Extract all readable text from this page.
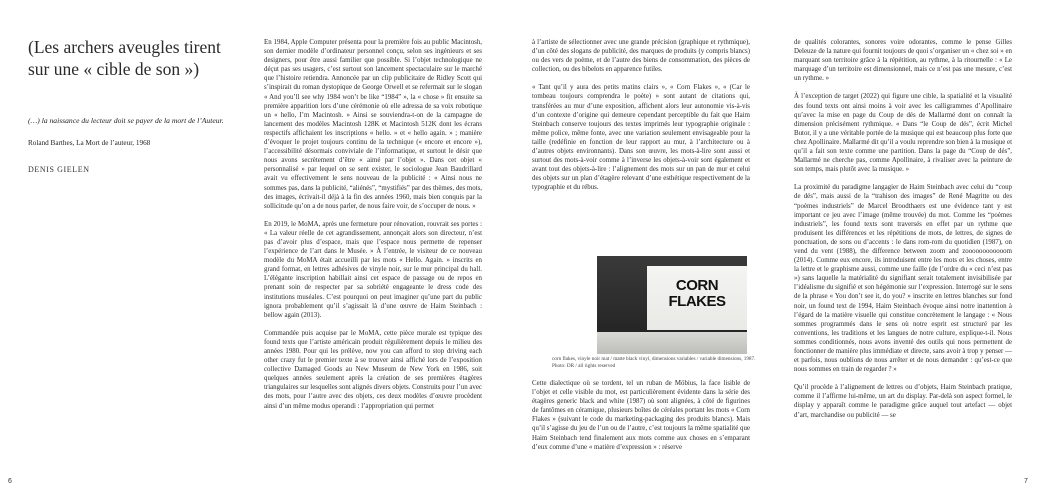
(Les archers aveugles tirent sur une « cible de son »)
(…) la naissance du lecteur doit se payer de la mort de l’Auteur.
Roland Barthes, La Mort de l’auteur, 1968
DENIS GIELEN

En 1984, Apple Computer présenta pour la première fois au public Macintosh, son dernier modèle d’ordinateur personnel conçu, selon ses ingénieurs et ses designers, pour être aussi familier que possible. Si l’objet technologique ne déçut pas ses usagers, c’est surtout son lancement spectaculaire sur le marché que l’histoire retiendra. Annoncée par un clip publicitaire de Ridley Scott qui s’inspirait du roman dystopique de George Orwell et se refermait sur le slogan « And you’ll see why 1984 won’t be like “1984” », la « chose » fit ensuite sa première apparition lors d’une cérémonie où elle adressa de sa voix robotique un « hello, I’m Macintosh. » Ainsi se souviendra-t-on de la campagne de lancement des modèles Macintosh 128K et Macintosh 512K dont les écrans respectifs affichaient les inscriptions « hello. » et « hello again. » ; manière d’évoquer le projet toujours continu de la technique (« encore et encore »), l’accessibilité désormais conviviale de l’informatique, et surtout le désir que nous avons secrètement d’être « aimé par l’objet ». Dans cet objet « personnalisé » par lequel on se sent exister, le sociologue Jean Baudrillard avait vu effectivement le sens nouveau de la publicité : « Ainsi nous ne sommes pas, dans la publicité, “aliénés”, “mystifiés” par des thèmes, des mots, des images, écrivait-il déjà à la fin des années 1960, mais bien conquis par la sollicitude qu’on a de nous parler, de nous faire voir, de s’occuper de nous. »

En 2019, le MoMA, après une fermeture pour rénovation, rouvrait ses portes : « La valeur réelle de cet agrandissement, annonçait alors son directeur, n’est pas d’avoir plus d’espace, mais que l’espace nous permette de repenser l’expérience de l’art dans le Musée. » À l’entrée, le visiteur de ce nouveau modèle du MoMA était accueilli par les mots « Hello. Again. » inscrits en grand format, en lettres adhésives de vinyle noir, sur le mur principal du hall. L’élégante inscription habillait ainsi cet espace de passage ou de repos en prenant soin de respecter par sa sobriété engageante le dress code des institutions muséales. C’est pourquoi on peut imaginer qu’une part du public ignora probablement qu’il s’agissait là d’une œuvre de Haim Steinbach : bellow again (2013).

Commandée puis acquise par le MoMA, cette pièce murale est typique des found texts que l’artiste américain produit régulièrement depuis le milieu des années 1980. Pour qui les prélève, now you can afford to stop driving each other crazy fut le premier texte à se trouver ainsi affiché lors de l’exposition collective Damaged Goods au New Museum de New York en 1986, soit quelques années seulement après la création de ses premières étagères triangulaires sur lesquelles sont alignés divers objets. Construits pour l’un avec des mots, pour l’autre avec des objets, ces deux modèles d’œuvre procèdent ainsi d’un même modus operandi : l’appropriation qui permet

6

à l’artiste de sélectionner avec une grande précision (graphique et rythmique), d’un côté des slogans de publicité, des marques de produits (y compris blancs) ou des vers de poème, et de l’autre des biens de consommation, des pièces de collection, ou des bibelots en apparence futiles.

« Tant qu’il y aura des petits matins clairs », « Corn Flakes », « (Car le tombeau toujours comprendra le poète) » sont autant de citations qui, transférées au mur d’une exposition, affichent alors leur autonomie vis-à-vis d’un contexte d’origine qui demeure cependant perceptible du fait que Haim Steinbach conserve toujours des textes imprimés leur typographie originale : même police, même fonte, avec une variation seulement envisageable pour la taille (redéfinie en fonction de leur rapport au mur, à l’architecture ou à d’autres objets environnants). Dans son œuvre, les mots-à-lire sont aussi et surtout des mots-à-voir comme à l’inverse les objets-à-voir sont également et avant tout des objets-à-lire : l’alignement des mots sur un pan de mur et celui des objets sur un plan d’étagère relevant d’une esthétique respectivement de la typographie et du rébus.

CORN
FLAKES
corn flakes, vinyle noir mat / matte black vinyl, dimensions variables / variable dimensions, 1987. Photo: DR / all rights reserved

Cette dialectique où se tordent, tel un ruban de Möbius, la face lisible de l’objet et celle visible du mot, est particulièrement évidente dans la série des étagères generic black and white (1987) où sont alignées, à côté de figurines de fantômes en céramique, plusieurs boîtes de céréales portant les mots « Corn Flakes » (suivant le code du marketing-packaging des produits blancs). Mais qu’il s’agisse du jeu de l’un ou de l’autre, c’est toujours la même spatialité que Haim Steinbach tend finalement aux mots comme aux choses en s’emparant d’eux comme d’une « matière d’expression » : réserve

de qualités colorantes, sonores voire odorantes, comme le pense Gilles Deleuze de la nature qui fournit toujours de quoi s’organiser un « chez soi » en marquant son territoire grâce à la répétition, au rythme, à la ritournelle : « Le marquage d’un territoire est dimensionnel, mais ce n’est pas une mesure, c’est un rythme. »

À l’exception de target (2022) qui figure une cible, la spatialité et la visualité des found texts ont ainsi moins à voir avec les calligrammes d’Apollinaire qu’avec la mise en page du Coup de dés de Mallarmé dont on connaît la dimension précisément rythmique. « Dans “le Coup de dés”, écrit Michel Butor, il y a une véritable portée de la musique qui est beaucoup plus forte que chez Apollinaire. Mallarmé dit qu’il a voulu reprendre son bien à la musique et qu’il a fait son texte comme une partition. Dans la page du “Coup de dés”, Mallarmé ne cherche pas, comme Apollinaire, à rivaliser avec la peinture de son temps, mais plutôt avec la musique. »

La proximité du paradigme langagier de Haim Steinbach avec celui du “coup de dés”, mais aussi de la “trahison des images” de René Magritte ou des “poèmes industriels” de Marcel Broodthaers est une évidence tant y est important ce jeu avec l’image (même trouvée) du mot. Comme les “poèmes industriels”, les found texts sont traversés en effet par un rythme que produisent les différences et les répétitions de mots, de lettres, de signes de ponctuation, de sons ou d’accents : le dans rom-rom du quotidien (1987), on vend du vent (1988), the difference between zoom and zoooooooooooom (2014). Comme eux encore, ils introduisent entre les mots et les choses, entre la lettre et le graphisme aussi, comme une faille (de l’ordre du « ceci n’est pas ») sans laquelle la matérialité du signifiant serait totalement invisibilisée par l’idéalisme du signifié et son hégémonie sur l’expression. Interrogé sur le sens de la phrase « You don’t see it, do you? » inscrite en lettres blanches sur fond noir, un found text de 1994, Haim Steinbach évoque ainsi notre inattention à l’égard de la matière visuelle qui constitue concrètement le langage : « Nous sommes programmés dans le sens où notre esprit est structuré par les conventions, les traditions et les langues de notre culture, explique-t-il. Nous sommes conditionnés, nous avons inventé des outils qui nous permettent de fonctionner de manière plus immédiate et directe, sans avoir à trop y penser — et parfois, nous oublions de nous arrêter et de nous demander : qu’est-ce que nous sommes en train de regarder ? »

Qu’il procède à l’alignement de lettres ou d’objets, Haim Steinbach pratique, comme il l’affirme lui-même, un art du display. Par-delà son aspect formel, le display y apparaît comme le paradigme grâce auquel tout artefact — objet d’art, marchandise ou publicité — se

7
